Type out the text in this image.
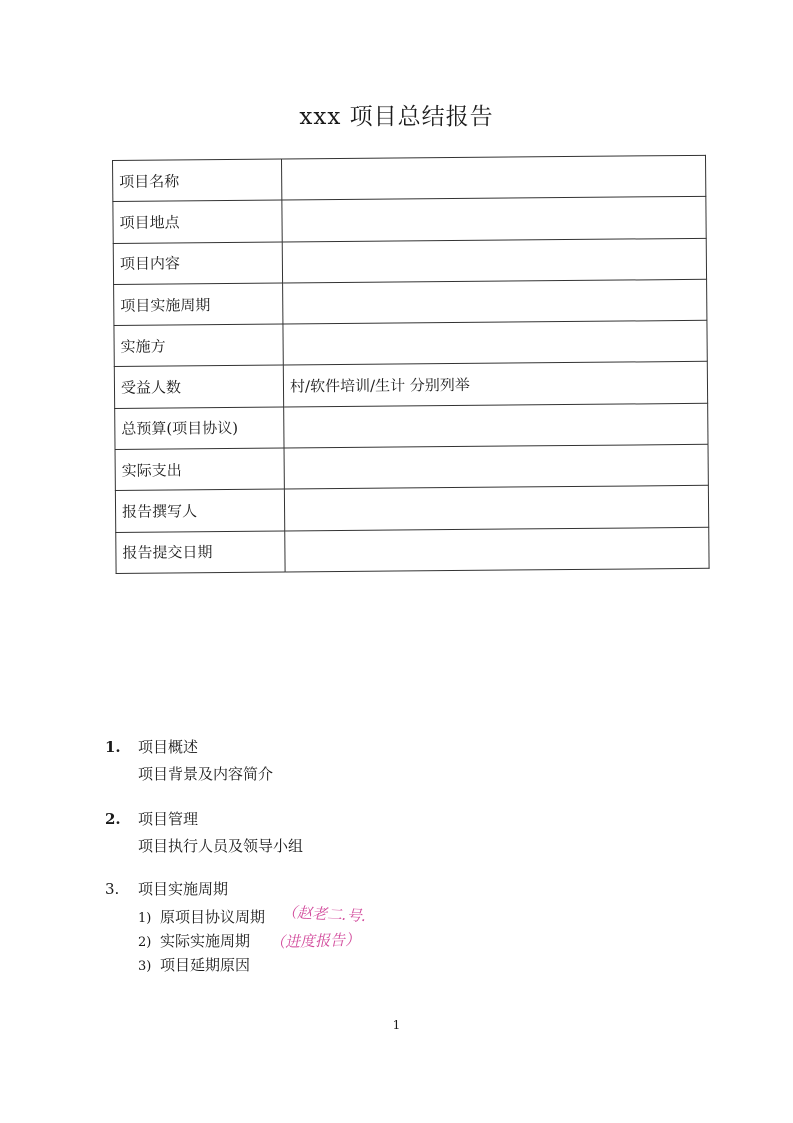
xxx 项目总结报告
项目名称	
项目地点	
项目内容	
项目实施周期	
实施方	
受益人数	村/软件培训/生计 分别列举
总预算(项目协议)	
实际支出	
报告撰写人	
报告提交日期	
1. 项目概述
项目背景及内容简介
2. 项目管理
项目执行人员及领导小组
3. 项目实施周期
1) 原项目协议周期
2) 实际实施周期
3) 项目延期原因
（赵老二.号.
（进度报告）
1
